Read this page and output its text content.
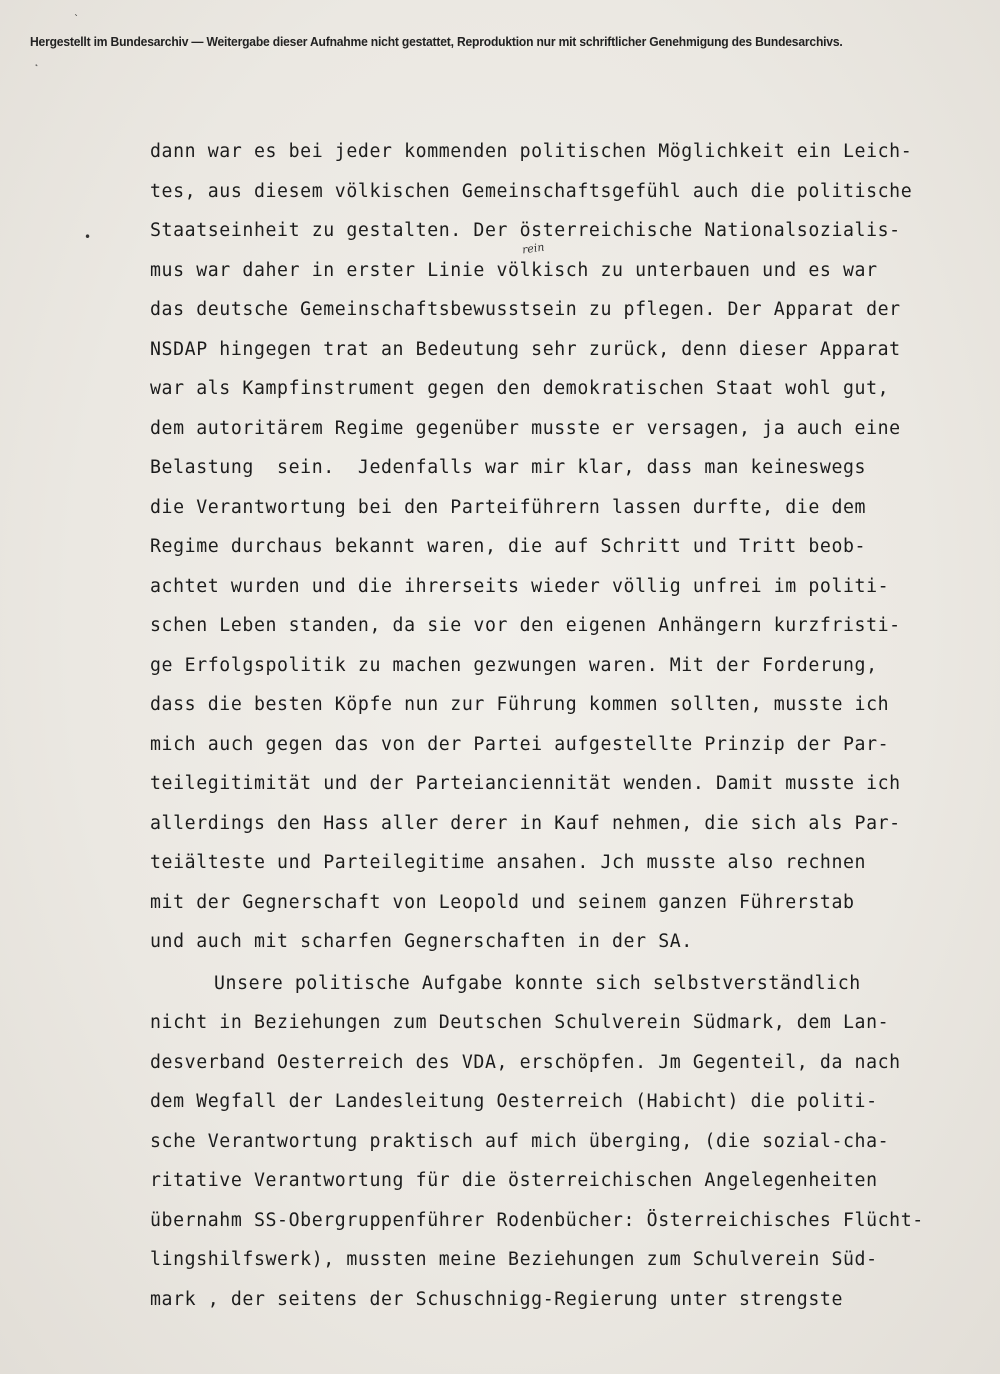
ˋ
Hergestellt im Bundesarchiv — Weitergabe dieser Aufnahme nicht gestattet, Reproduktion nur mit schriftlicher Genehmigung des Bundesarchivs.
˛
•
rein
dann war es bei jeder kommenden politischen Möglichkeit ein Leich-
tes, aus diesem völkischen Gemeinschaftsgefühl auch die politische
Staatseinheit zu gestalten. Der österreichische Nationalsozialis-
mus war daher in erster Linie völkisch zu unterbauen und es war
das deutsche Gemeinschaftsbewusstsein zu pflegen. Der Apparat der
NSDAP hingegen trat an Bedeutung sehr zurück, denn dieser Apparat
war als Kampfinstrument gegen den demokratischen Staat wohl gut,
dem autoritärem Regime gegenüber musste er versagen, ja auch eine
Belastung  sein.  Jedenfalls war mir klar, dass man keineswegs
die Verantwortung bei den Parteiführern lassen durfte, die dem
Regime durchaus bekannt waren, die auf Schritt und Tritt beob-
achtet wurden und die ihrerseits wieder völlig unfrei im politi-
schen Leben standen, da sie vor den eigenen Anhängern kurzfristi-
ge Erfolgspolitik zu machen gezwungen waren. Mit der Forderung,
dass die besten Köpfe nun zur Führung kommen sollten, musste ich
mich auch gegen das von der Partei aufgestellte Prinzip der Par-
teilegitimität und der Parteianciennität wenden. Damit musste ich
allerdings den Hass aller derer in Kauf nehmen, die sich als Par-
teiälteste und Parteilegitime ansahen. Jch musste also rechnen
mit der Gegnerschaft von Leopold und seinem ganzen Führerstab
und auch mit scharfen Gegnerschaften in der SA.
Unsere politische Aufgabe konnte sich selbstverständlich
nicht in Beziehungen zum Deutschen Schulverein Südmark, dem Lan-
desverband Oesterreich des VDA, erschöpfen. Jm Gegenteil, da nach
dem Wegfall der Landesleitung Oesterreich (Habicht) die politi-
sche Verantwortung praktisch auf mich überging, (die sozial-cha-
ritative Verantwortung für die österreichischen Angelegenheiten
übernahm SS-Obergruppenführer Rodenbücher: Österreichisches Flücht-
lingshilfswerk), mussten meine Beziehungen zum Schulverein Süd-
mark , der seitens der Schuschnigg-Regierung unter strengste
